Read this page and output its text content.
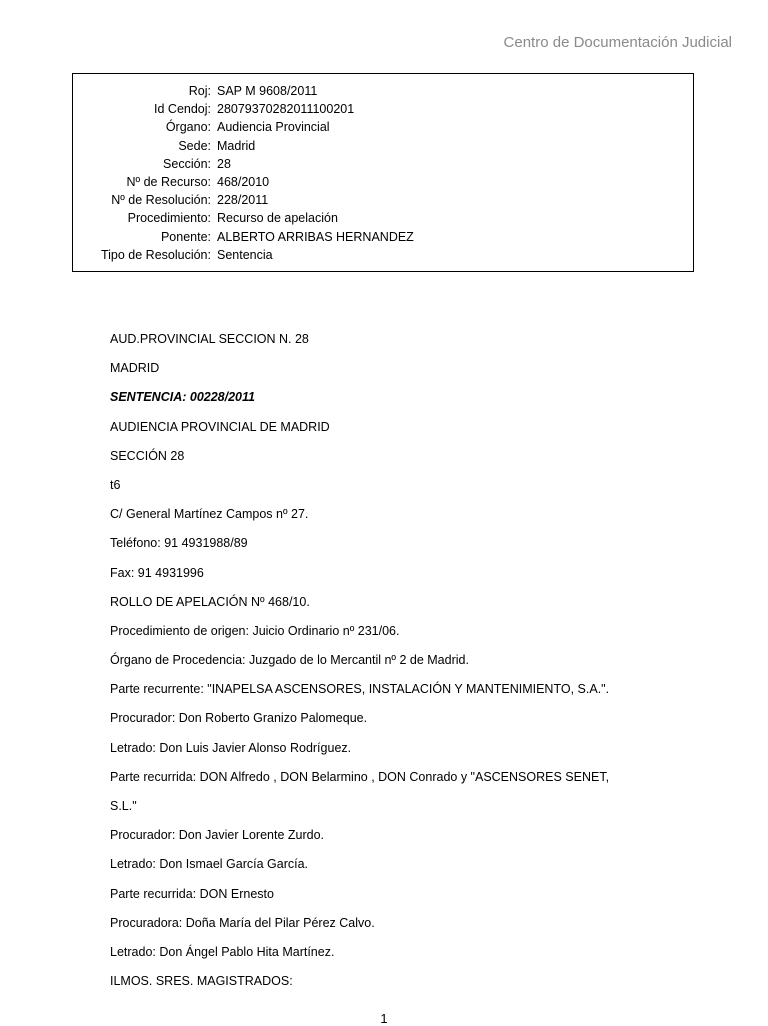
Centro de Documentación Judicial
Roj: SAP M 9608/2011
Id Cendoj: 28079370282011100201
Órgano: Audiencia Provincial
Sede: Madrid
Sección: 28
Nº de Recurso: 468/2010
Nº de Resolución: 228/2011
Procedimiento: Recurso de apelación
Ponente: ALBERTO ARRIBAS HERNANDEZ
Tipo de Resolución: Sentencia
AUD.PROVINCIAL SECCION N. 28
MADRID
SENTENCIA: 00228/2011
AUDIENCIA PROVINCIAL DE MADRID
SECCIÓN 28
t6
C/ General Martínez Campos nº 27.
Teléfono: 91 4931988/89
Fax: 91 4931996
ROLLO DE APELACIÓN Nº 468/10.
Procedimiento de origen: Juicio Ordinario nº 231/06.
Órgano de Procedencia: Juzgado de lo Mercantil nº 2 de Madrid.
Parte recurrente: "INAPELSA ASCENSORES, INSTALACIÓN Y MANTENIMIENTO, S.A.".
Procurador: Don Roberto Granizo Palomeque.
Letrado: Don Luis Javier Alonso Rodríguez.
Parte recurrida: DON Alfredo , DON Belarmino , DON Conrado y "ASCENSORES SENET,
S.L."
Procurador: Don Javier Lorente Zurdo.
Letrado: Don Ismael García García.
Parte recurrida: DON Ernesto
Procuradora: Doña María del Pilar Pérez Calvo.
Letrado: Don Ángel Pablo Hita Martínez.
ILMOS. SRES. MAGISTRADOS:
1
